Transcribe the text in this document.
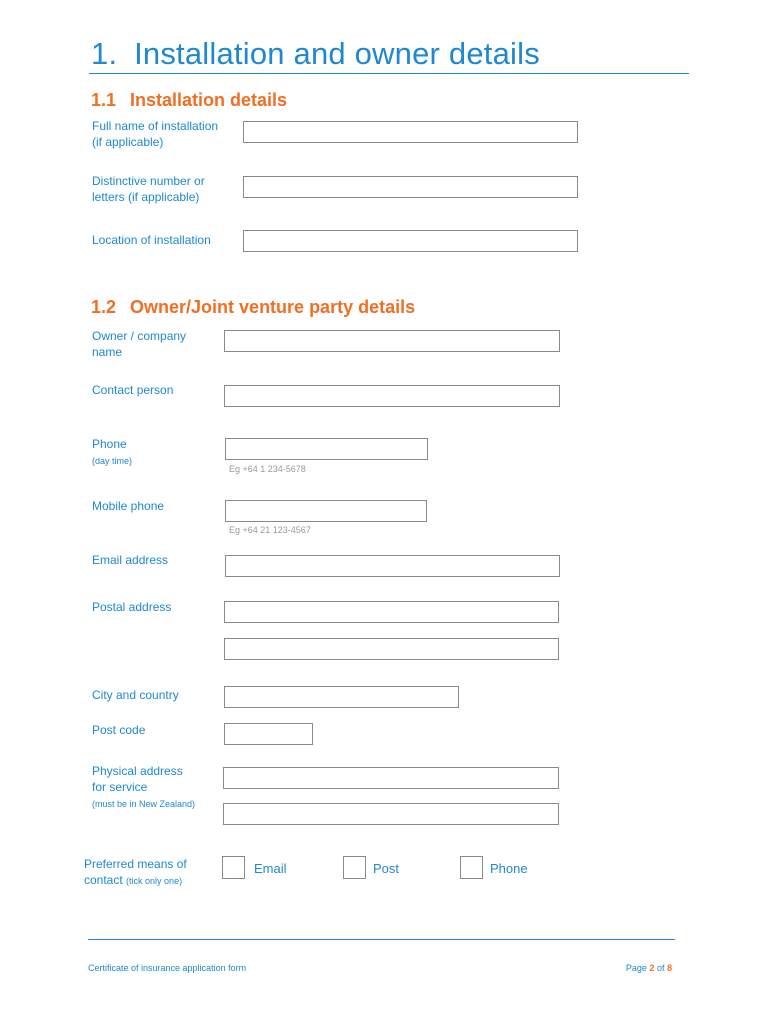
1. Installation and owner details
1.1 Installation details
Full name of installation
(if applicable)
Distinctive number or
letters (if applicable)
Location of installation
1.2 Owner/Joint venture party details
Owner / company
name
Contact person
Phone
(day time)
Eg +64 1 234-5678
Mobile phone
Eg +64 21 123-4567
Email address
Postal address
City and country
Post code
Physical address
for service
(must be in New Zealand)
Preferred means of
contact (tick only one)
Email	Post	Phone
Certificate of insurance application form	Page 2 of 8
